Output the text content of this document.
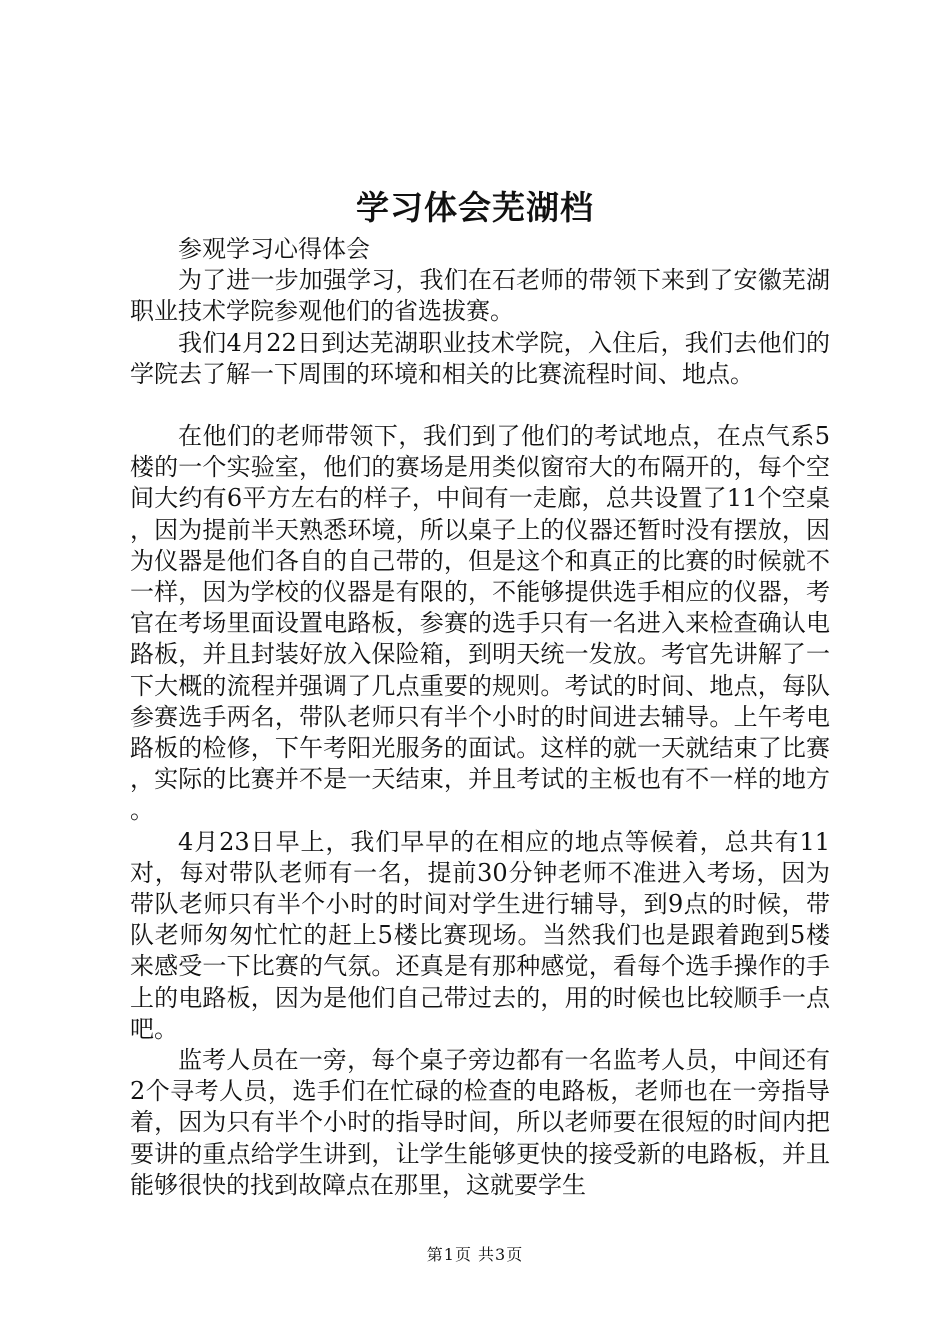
学习体会芜湖档

参观学习心得体会

为了进一步加强学习，我们在石老师的带领下来到了安徽芜湖职业技术学院参观他们的省选拔赛。

我们4月22日到达芜湖职业技术学院，入住后，我们去他们的学院去了解一下周围的环境和相关的比赛流程时间、地点。

在他们的老师带领下，我们到了他们的考试地点，在点气系5楼的一个实验室，他们的赛场是用类似窗帘大的布隔开的，每个空间大约有6平方左右的样子，中间有一走廊，总共设置了11个空桌，因为提前半天熟悉环境，所以桌子上的仪器还暂时没有摆放，因为仪器是他们各自的自己带的，但是这个和真正的比赛的时候就不一样，因为学校的仪器是有限的，不能够提供选手相应的仪器，考官在考场里面设置电路板，参赛的选手只有一名进入来检查确认电路板，并且封装好放入保险箱，到明天统一发放。考官先讲解了一下大概的流程并强调了几点重要的规则。考试的时间、地点，每队参赛选手两名，带队老师只有半个小时的时间进去辅导。上午考电路板的检修，下午考阳光服务的面试。这样的就一天就结束了比赛，实际的比赛并不是一天结束，并且考试的主板也有不一样的地方。

4月23日早上，我们早早的在相应的地点等候着，总共有11对，每对带队老师有一名，提前30分钟老师不准进入考场，因为带队老师只有半个小时的时间对学生进行辅导，到9点的时候，带队老师匆匆忙忙的赶上5楼比赛现场。当然我们也是跟着跑到5楼来感受一下比赛的气氛。还真是有那种感觉，看每个选手操作的手上的电路板，因为是他们自己带过去的，用的时候也比较顺手一点吧。

监考人员在一旁，每个桌子旁边都有一名监考人员，中间还有2个寻考人员，选手们在忙碌的检查的电路板，老师也在一旁指导着，因为只有半个小时的指导时间，所以老师要在很短的时间内把要讲的重点给学生讲到，让学生能够更快的接受新的电路板，并且能够很快的找到故障点在那里，这就要学生

第1页 共3页
